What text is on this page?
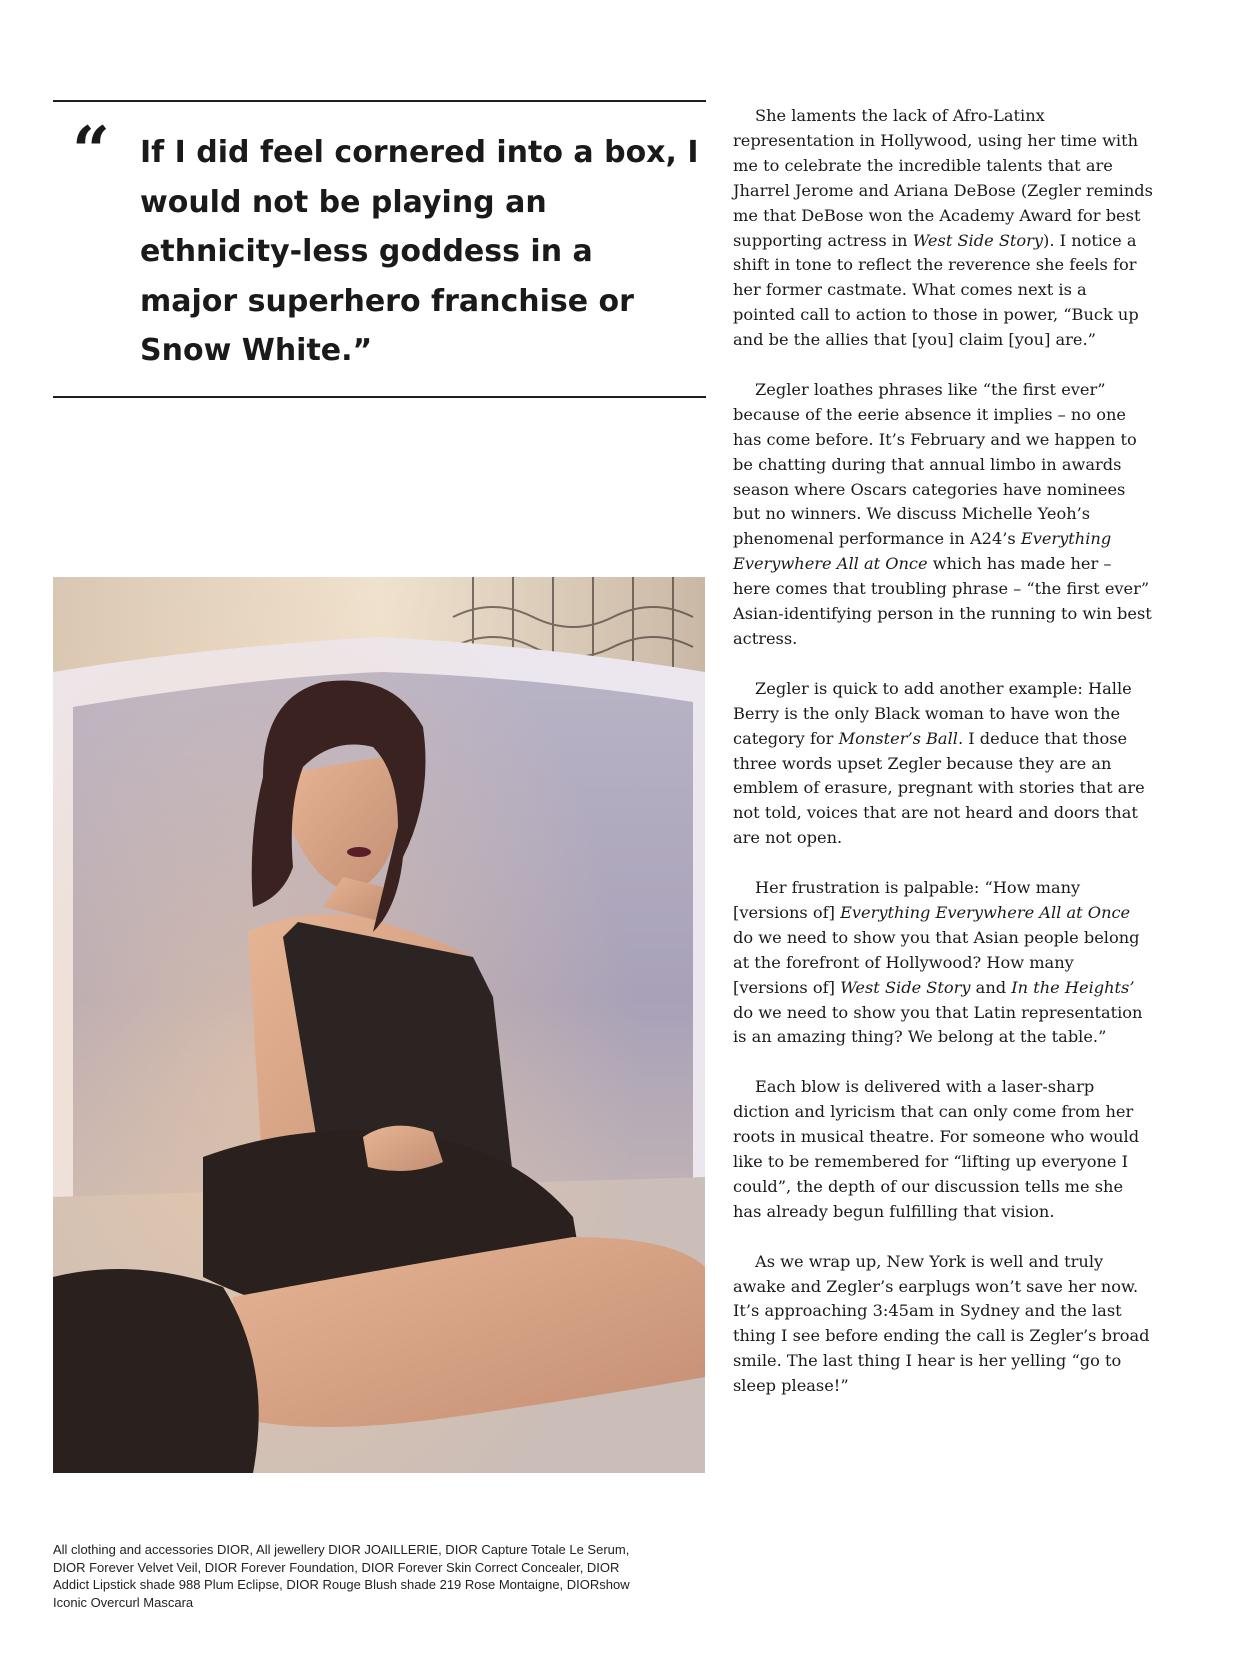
“ If I did feel cornered into a box, I would not be playing an ethnicity-less goddess in a major superhero franchise or Snow White.”

All clothing and accessories DIOR, All jewellery DIOR JOAILLERIE, DIOR Capture Totale Le Serum, DIOR Forever Velvet Veil, DIOR Forever Foundation, DIOR Forever Skin Correct Concealer, DIOR Addict Lipstick shade 988 Plum Eclipse, DIOR Rouge Blush shade 219 Rose Montaigne, DIORshow Iconic Overcurl Mascara

She laments the lack of Afro-Latinx representation in Hollywood, using her time with me to celebrate the incredible talents that are Jharrel Jerome and Ariana DeBose (Zegler reminds me that DeBose won the Academy Award for best supporting actress in West Side Story). I notice a shift in tone to reflect the reverence she feels for her former castmate. What comes next is a pointed call to action to those in power, “Buck up and be the allies that [you] claim [you] are.”

Zegler loathes phrases like “the first ever” because of the eerie absence it implies – no one has come before. It’s February and we happen to be chatting during that annual limbo in awards season where Oscars categories have nominees but no winners. We discuss Michelle Yeoh’s phenomenal performance in A24’s Everything Everywhere All at Once which has made her – here comes that troubling phrase – “the first ever” Asian-identifying person in the running to win best actress.

Zegler is quick to add another example: Halle Berry is the only Black woman to have won the category for Monster’s Ball. I deduce that those three words upset Zegler because they are an emblem of erasure, pregnant with stories that are not told, voices that are not heard and doors that are not open.

Her frustration is palpable: “How many [versions of] Everything Everywhere All at Once do we need to show you that Asian people belong at the forefront of Hollywood? How many [versions of] West Side Story and In the Heights’ do we need to show you that Latin representation is an amazing thing? We belong at the table.”

Each blow is delivered with a laser-sharp diction and lyricism that can only come from her roots in musical theatre. For someone who would like to be remembered for “lifting up everyone I could”, the depth of our discussion tells me she has already begun fulfilling that vision.

As we wrap up, New York is well and truly awake and Zegler’s earplugs won’t save her now. It’s approaching 3:45am in Sydney and the last thing I see before ending the call is Zegler’s broad smile. The last thing I hear is her yelling “go to sleep please!”
